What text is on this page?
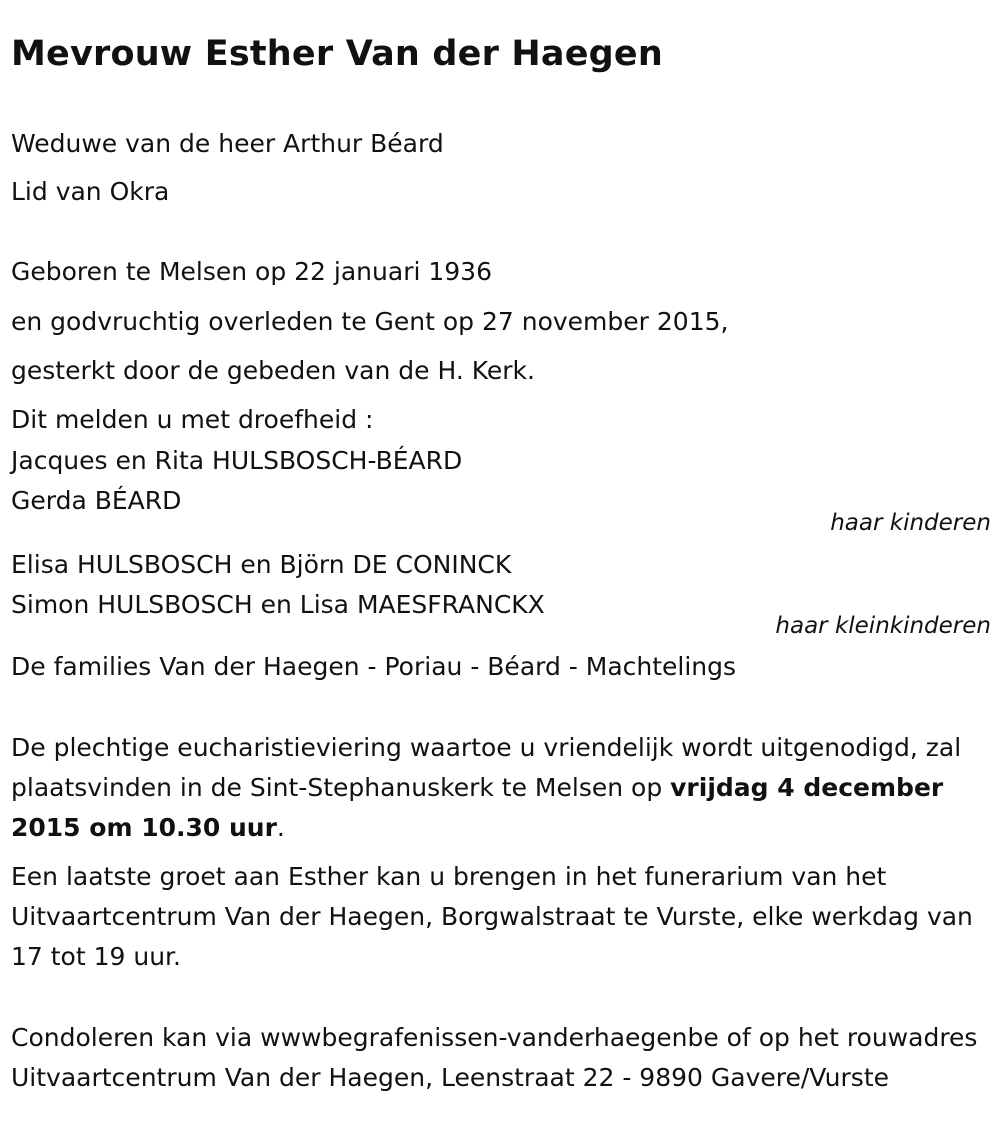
Mevrouw Esther Van der Haegen

Weduwe van de heer Arthur Béard

Lid van Okra

Geboren te Melsen op 22 januari 1936

en godvruchtig overleden te Gent op 27 november 2015,

gesterkt door de gebeden van de H. Kerk.

Dit melden u met droefheid :

Jacques en Rita HULSBOSCH-BÉARD

Gerda BÉARD

haar kinderen

Elisa HULSBOSCH en Björn DE CONINCK

Simon HULSBOSCH en Lisa MAESFRANCKX

haar kleinkinderen

De families Van der Haegen - Poriau - Béard - Machtelings

De plechtige eucharistieviering waartoe u vriendelijk wordt uitgenodigd, zal plaatsvinden in de Sint-Stephanuskerk te Melsen op vrijdag 4 december 2015 om 10.30 uur.

Een laatste groet aan Esther kan u brengen in het funerarium van het Uitvaartcentrum Van der Haegen, Borgwalstraat te Vurste, elke werkdag van 17 tot 19 uur.

Condoleren kan via wwwbegrafenissen-vanderhaegenbe of op het rouwadres Uitvaartcentrum Van der Haegen, Leenstraat 22 - 9890 Gavere/Vurste
